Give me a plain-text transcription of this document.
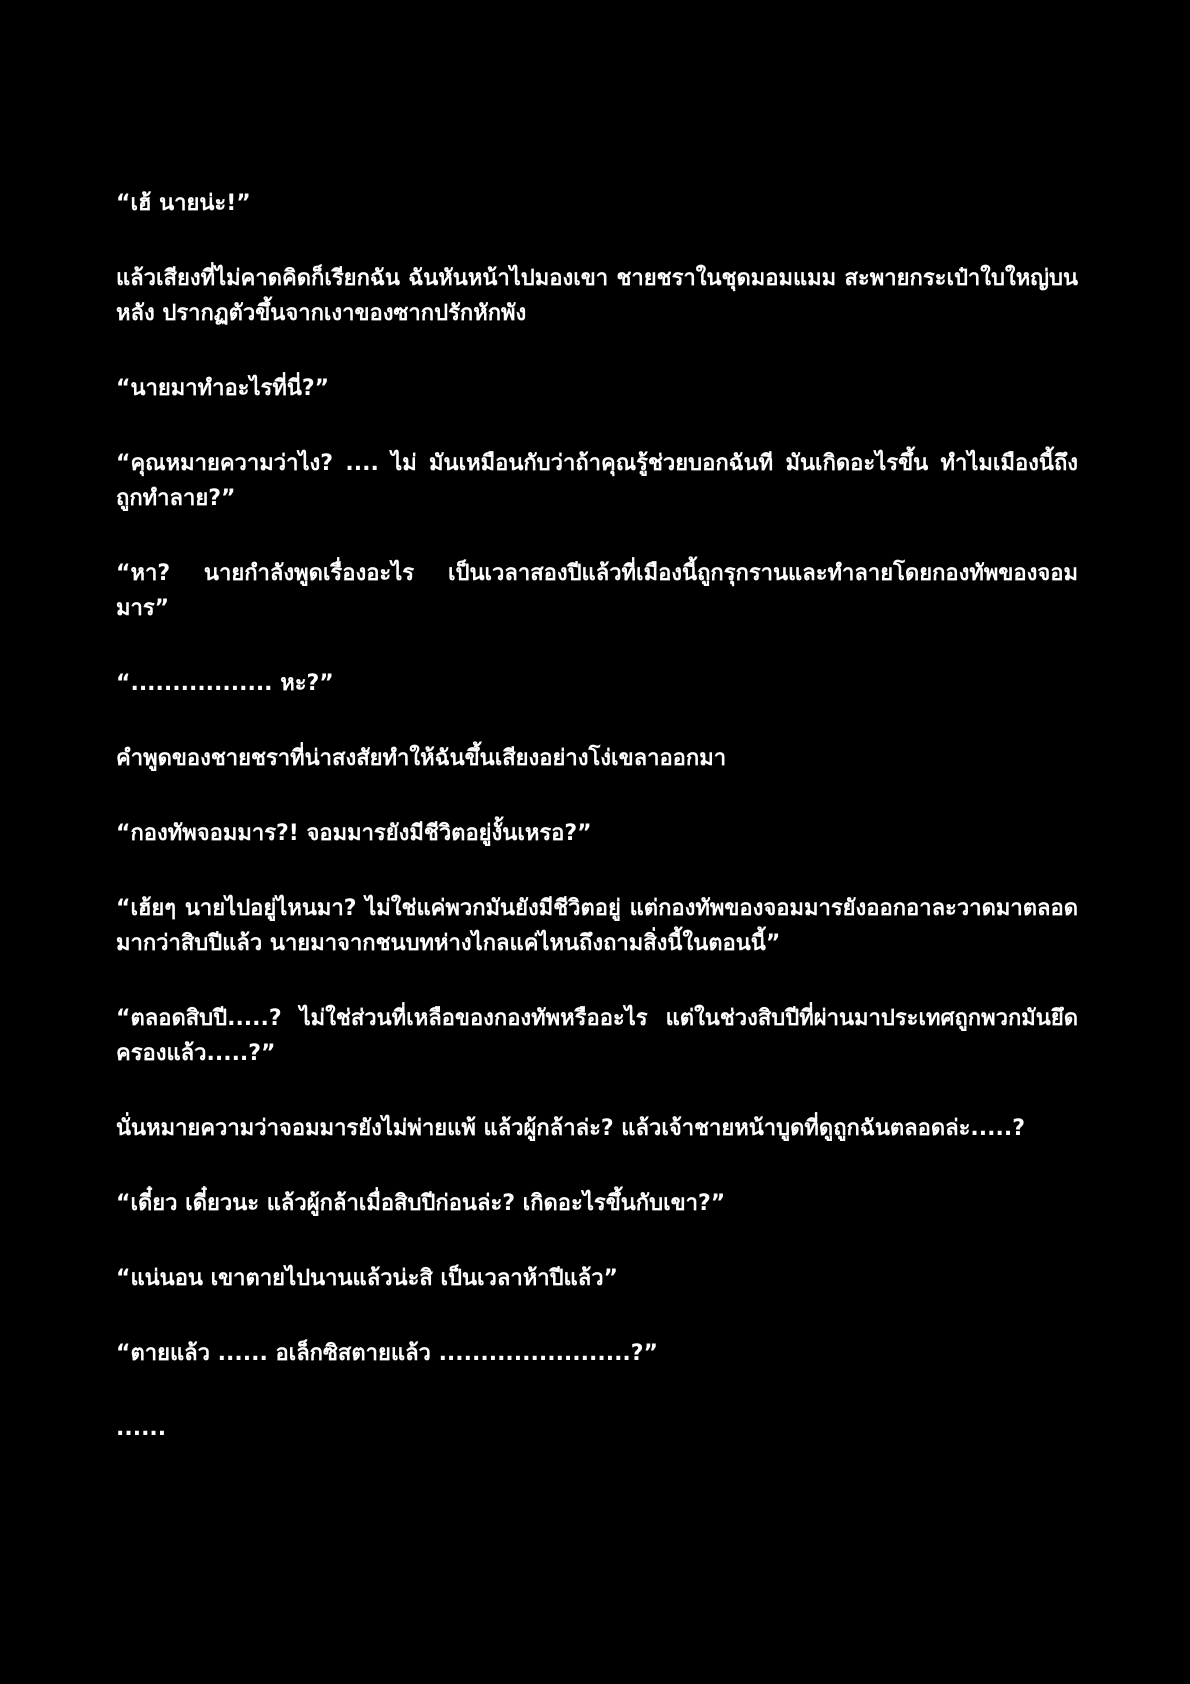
“เฮ้ นายน่ะ!”

แล้วเสียงที่ไม่คาดคิดก็เรียกฉัน ฉันหันหน้าไปมองเขา ชายชราในชุดมอมแมม สะพายกระเป๋าใบใหญ่บนหลัง ปรากฏตัวขึ้นจากเงาของซากปรักหักพัง

“นายมาทำอะไรที่นี่?”

“คุณหมายความว่าไง? .... ไม่ มันเหมือนกับว่าถ้าคุณรู้ช่วยบอกฉันที มันเกิดอะไรขึ้น ทำไมเมืองนี้ถึงถูกทำลาย?”

“หา? นายกำลังพูดเรื่องอะไร เป็นเวลาสองปีแล้วที่เมืองนี้ถูกรุกรานและทำลายโดยกองทัพของจอมมาร”

“................. หะ?”

คำพูดของชายชราที่น่าสงสัยทำให้ฉันขึ้นเสียงอย่างโง่เขลาออกมา

“กองทัพจอมมาร?! จอมมารยังมีชีวิตอยู่งั้นเหรอ?”

“เฮ้ยๆ นายไปอยู่ไหนมา? ไม่ใช่แค่พวกมันยังมีชีวิตอยู่ แต่กองทัพของจอมมารยังออกอาละวาดมาตลอดมากว่าสิบปีแล้ว นายมาจากชนบทห่างไกลแค่ไหนถึงถามสิ่งนี้ในตอนนี้”

“ตลอดสิบปี.....? ไม่ใช่ส่วนที่เหลือของกองทัพหรืออะไร แต่ในช่วงสิบปีที่ผ่านมาประเทศถูกพวกมันยึดครองแล้ว.....?”

นั่นหมายความว่าจอมมารยังไม่พ่ายแพ้ แล้วผู้กล้าล่ะ? แล้วเจ้าชายหน้าบูดที่ดูถูกฉันตลอดล่ะ.....?

“เดี๋ยว เดี๋ยวนะ แล้วผู้กล้าเมื่อสิบปีก่อนล่ะ? เกิดอะไรขึ้นกับเขา?”

“แน่นอน เขาตายไปนานแล้วน่ะสิ เป็นเวลาห้าปีแล้ว”

“ตายแล้ว ...... อเล็กซิสตายแล้ว .......................?”

......
